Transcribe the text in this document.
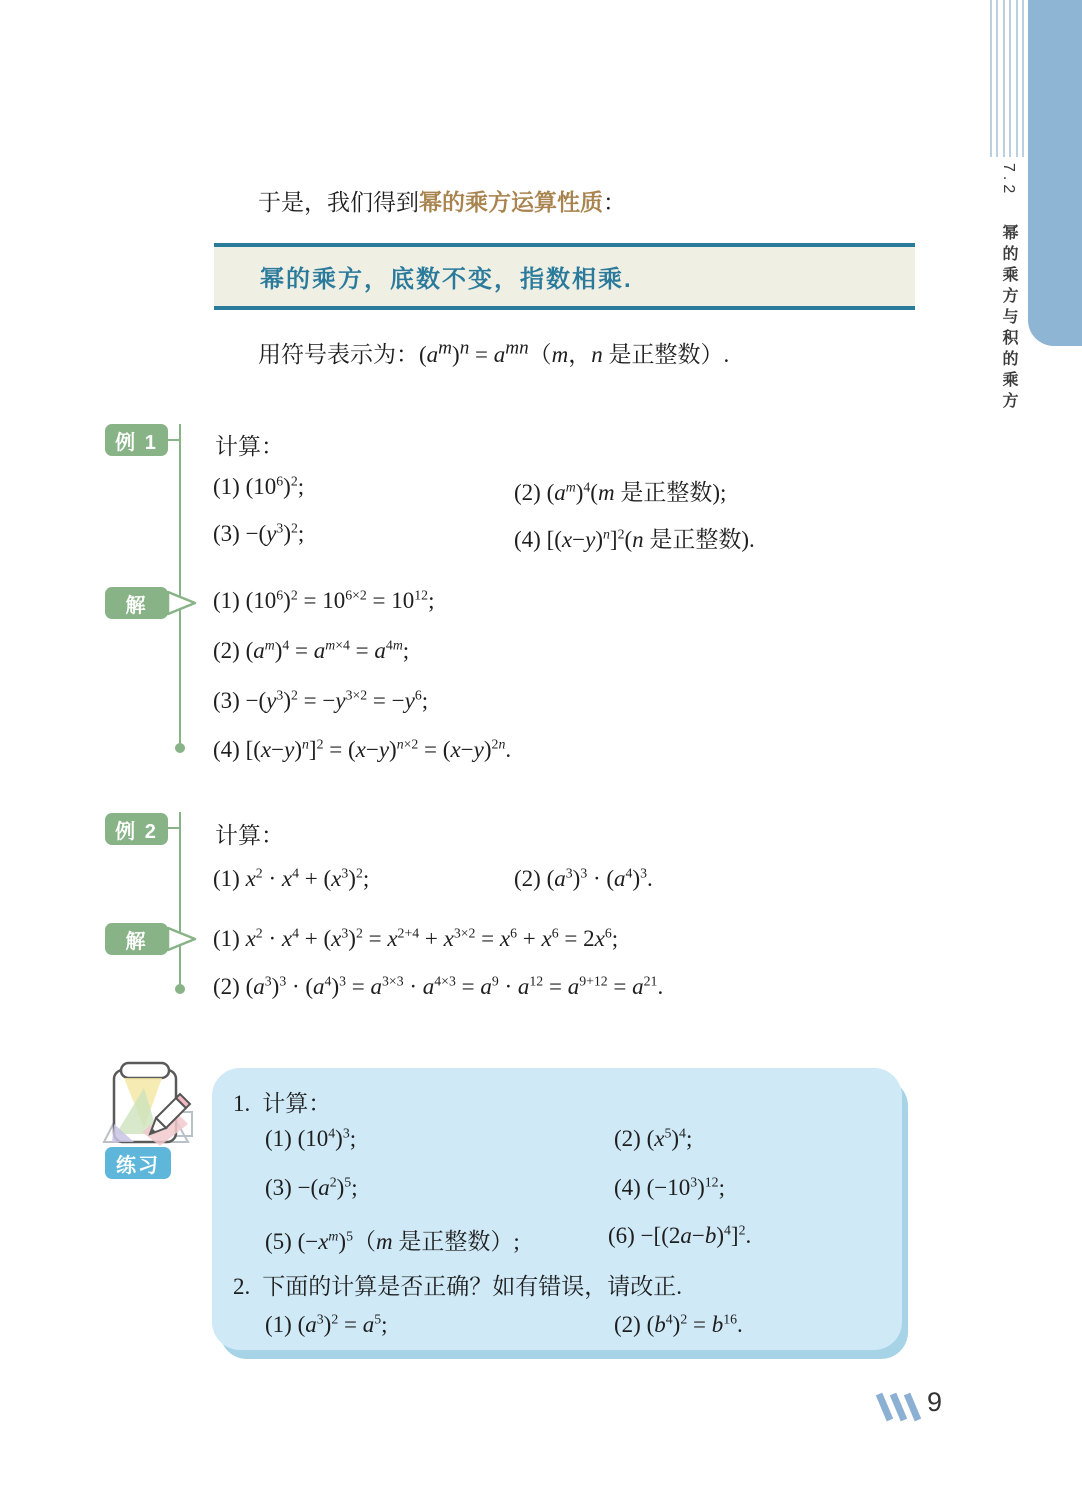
7.2 幂的乘方与积的乘方

于是，我们得到幂的乘方运算性质：

幂的乘方，底数不变，指数相乘.

用符号表示为：$(a^m)^n = a^{mn}(m$，n 是正整数）.

例 1 计算：

(1) $(10^6)^2$;	(2) $(a^m)^4(m$ 是正整数);

$(3) -(y^3)^2$;	(4) $[(x-y)^n]^2(n$ 是正整数).

解	(1) $(10^6)^2 = 10^{6\times 2} = 10^{12}$;

(2) $(a^m)^4 = a^{m\times 4} = a^{4m}$;

$(3) -(y^3)^2 = -y^{3\times 2} = -y^6$;

(4) $[(x-y)^n]^2 = (x-y)^{n\times 2} = (x-y)^{2n}$.

例 2 计算：

(1) $x^2 \cdot x^4 + (x^3)^2$;	(2) $(a^3)^3 \cdot (a^4)^3$.

解	(1) $x^2 \cdot x^4 + (x^3)^2 = x^{2+4} + x^{3\times 2} = x^6 + x^6 = 2x^6$;

(2) $(a^3)^3 \cdot (a^4)^3 = a^{3\times 3} \cdot a^{4\times 3} = a^9 \cdot a^{12} = a^{9+12} = a^{21}$.

练习

1. 计算：

(1) $(10^4)^3$;	(2) $(x^5)^4$;

$(3) -(a^2)^5$;	(4) $(-10^3)^{12}$;

(5) $(-x^m)^5(m$ 是正整数）;	$(6) -[(2a-b)^4]^2$.

2. 下面的计算是否正确？如有错误，请改正.

(1) $(a^3)^2 = a^5$;	(2) $(b^4)^2 = b^{16}$.

9
